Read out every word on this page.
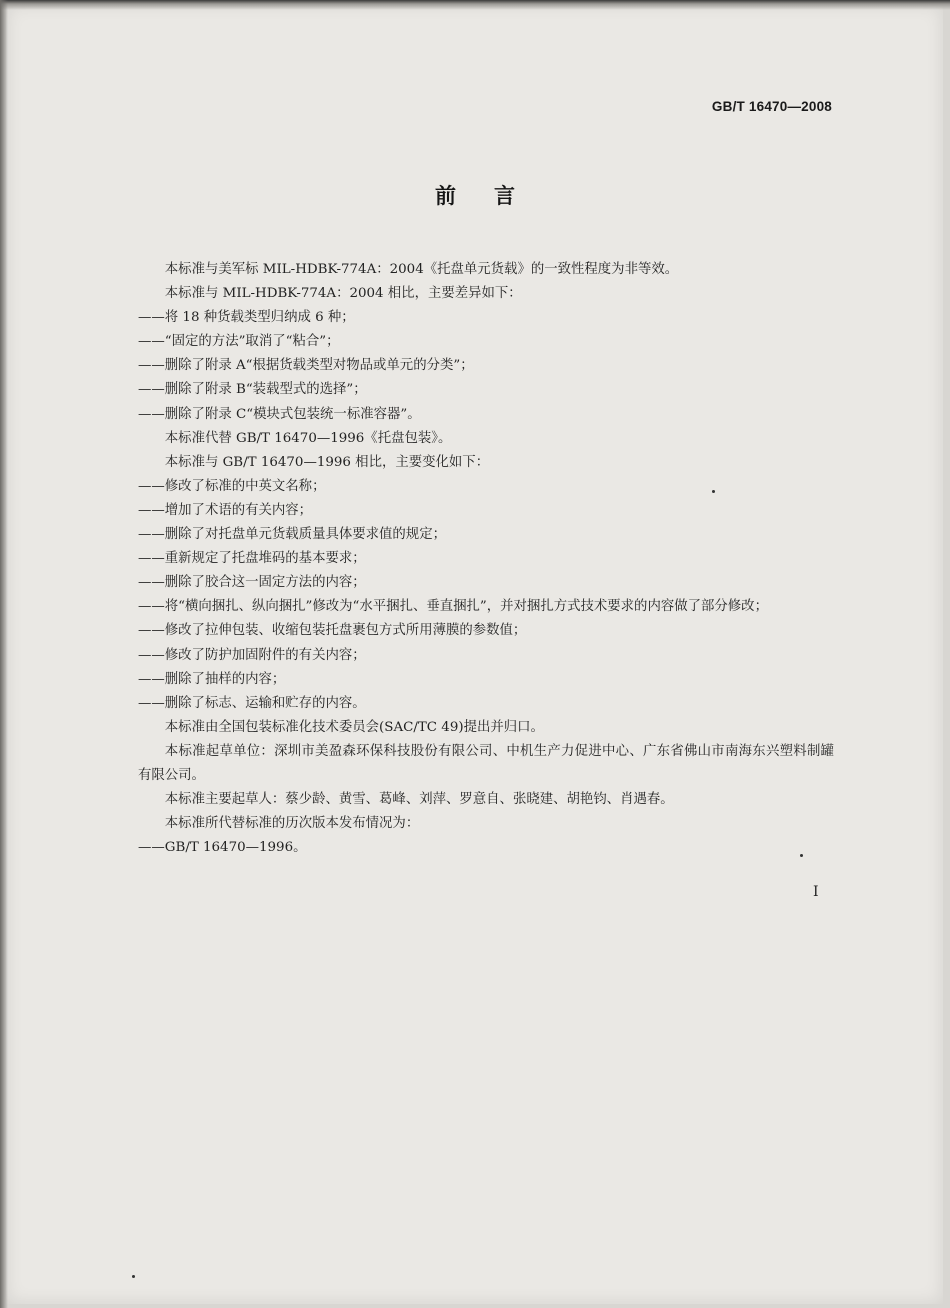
GB/T 16470—2008
前言

本标准与美军标 MIL-HDBK-774A：2004《托盘单元货载》的一致性程度为非等效。

本标准与 MIL-HDBK-774A：2004 相比，主要差异如下：

——将 18 种货载类型归纳成 6 种；

——“固定的方法”取消了“粘合”；

——删除了附录 A“根据货载类型对物品或单元的分类”；

——删除了附录 B“装载型式的选择”；

——删除了附录 C“模块式包装统一标准容器”。

本标准代替 GB/T 16470—1996《托盘包装》。

本标准与 GB/T 16470—1996 相比，主要变化如下：

——修改了标准的中英文名称；

——增加了术语的有关内容；

——删除了对托盘单元货载质量具体要求值的规定；

——重新规定了托盘堆码的基本要求；

——删除了胶合这一固定方法的内容；

——将“横向捆扎、纵向捆扎”修改为“水平捆扎、垂直捆扎”，并对捆扎方式技术要求的内容做了部分修改；

——修改了拉伸包装、收缩包装托盘裹包方式所用薄膜的参数值；

——修改了防护加固附件的有关内容；

——删除了抽样的内容；

——删除了标志、运输和贮存的内容。

本标准由全国包装标准化技术委员会(SAC/TC 49)提出并归口。

本标准起草单位：深圳市美盈森环保科技股份有限公司、中机生产力促进中心、广东省佛山市南海东兴塑料制罐有限公司。

本标准主要起草人：蔡少龄、黄雪、葛峰、刘萍、罗意自、张晓建、胡艳钧、肖遇春。

本标准所代替标准的历次版本发布情况为：

——GB/T 16470—1996。

I
